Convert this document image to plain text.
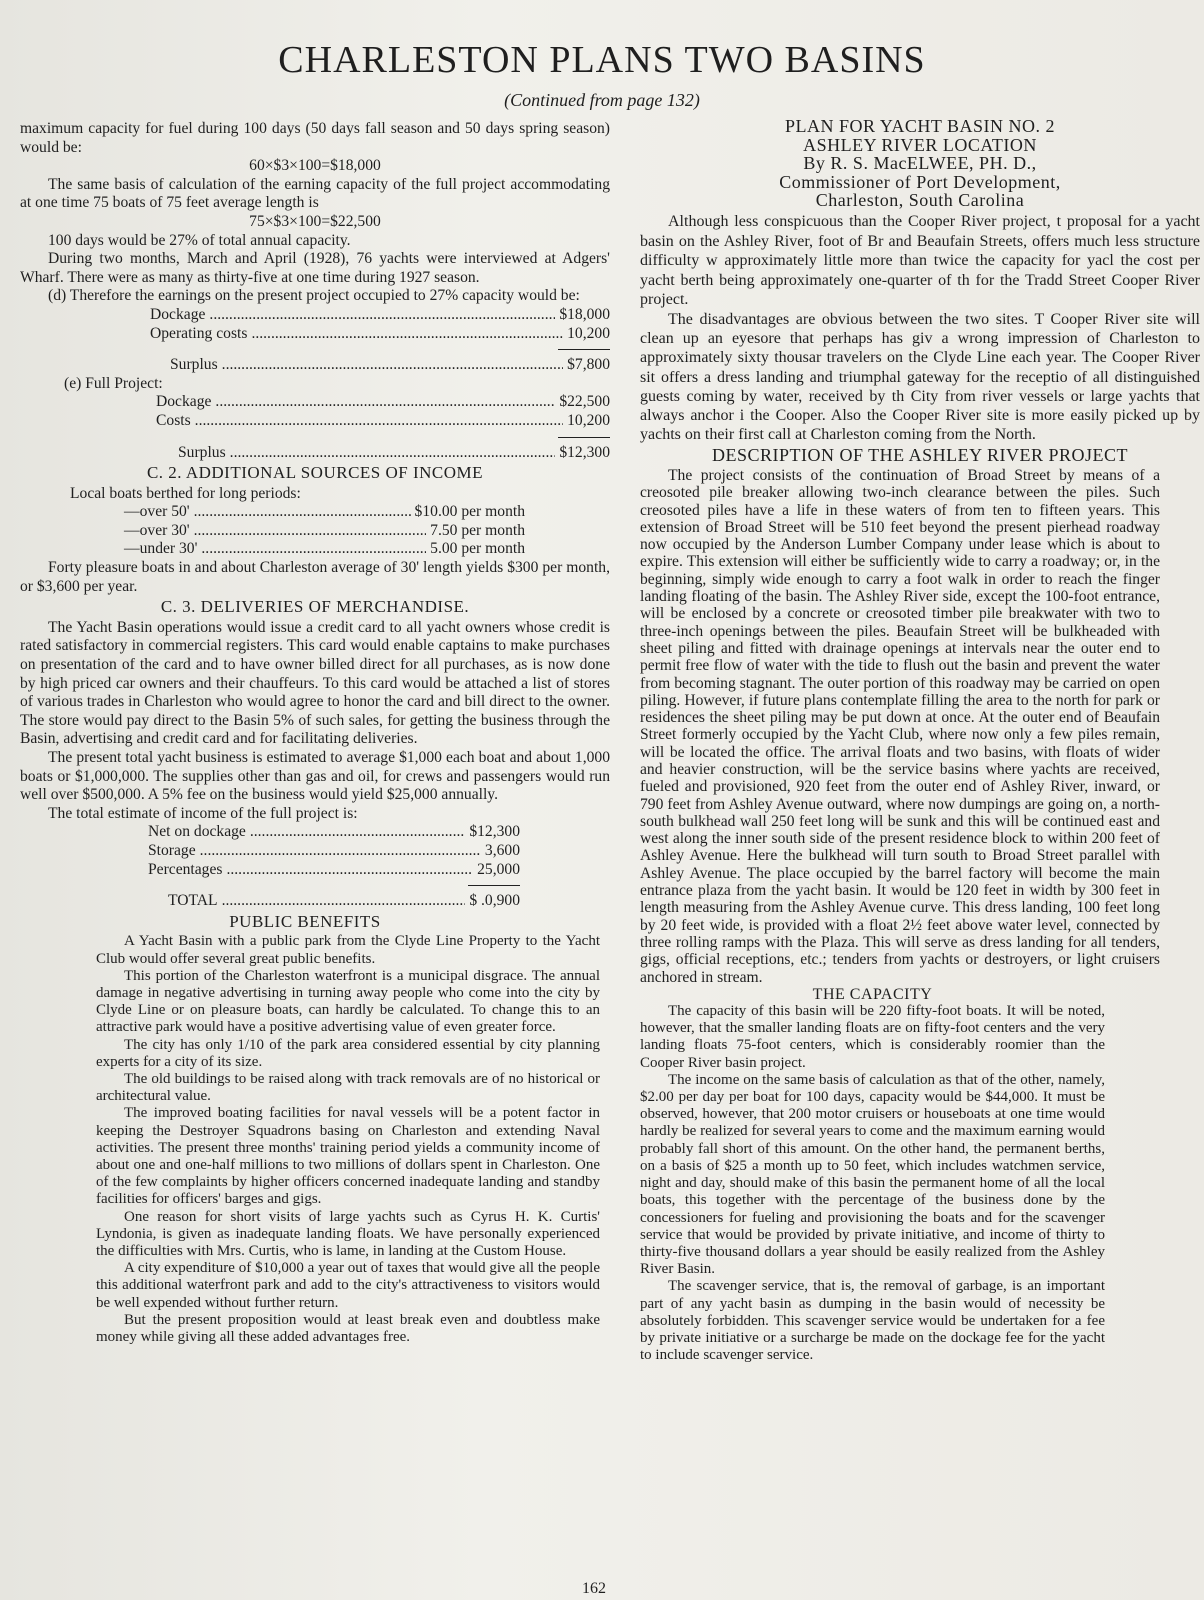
CHARLESTON PLANS TWO BASINS
(Continued from page 132)

maximum capacity for fuel during 100 days (50 days fall season and 50 days spring season) would be:

60×$3×100=$18,000

The same basis of calculation of the earning capacity of the full project accommodating at one time 75 boats of 75 feet average length is

75×$3×100=$22,500

100 days would be 27% of total annual capacity.

During two months, March and April (1928), 76 yachts were interviewed at Adgers' Wharf. There were as many as thirty-five at one time during 1927 season.

(d) Therefore the earnings on the present project occupied to 27% capacity would be:

Dockage .....	$18,000
Operating costs .....	10,200
Surplus .....	$7,800

(e) Full Project:

Dockage .....	$22,500
Costs .....	10,200
Surplus .....	$12,300

C. 2. ADDITIONAL SOURCES OF INCOME

Local boats berthed for long periods:

—over 50' .....	$10.00 per month
—over 30' .....	7.50 per month
—under 30' .....	5.00 per month

Forty pleasure boats in and about Charleston average of 30' length yields $300 per month, or $3,600 per year.

C. 3. DELIVERIES OF MERCHANDISE.

The Yacht Basin operations would issue a credit card to all yacht owners whose credit is rated satisfactory in commercial registers. This card would enable captains to make purchases on presentation of the card and to have owner billed direct for all purchases, as is now done by high priced car owners and their chauffeurs. To this card would be attached a list of stores of various trades in Charleston who would agree to honor the card and bill direct to the owner. The store would pay direct to the Basin 5% of such sales, for getting the business through the Basin, advertising and credit card and for facilitating deliveries.

The present total yacht business is estimated to average $1,000 each boat and about 1,000 boats or $1,000,000. The supplies other than gas and oil, for crews and passengers would run well over $500,000. A 5% fee on the business would yield $25,000 annually.

The total estimate of income of the full project is:

Net on dockage .....	$12,300
Storage .....	3,600
Percentages .....	25,000
TOTAL .....	$ .0,900

PUBLIC BENEFITS

A Yacht Basin with a public park from the Clyde Line Property to the Yacht Club would offer several great public benefits.

This portion of the Charleston waterfront is a municipal disgrace. The annual damage in negative advertising in turning away people who come into the city by Clyde Line or on pleasure boats, can hardly be calculated. To change this to an attractive park would have a positive advertising value of even greater force.

The city has only 1/10 of the park area considered essential by city planning experts for a city of its size.

The old buildings to be raised along with track removals are of no historical or architectural value.

The improved boating facilities for naval vessels will be a potent factor in keeping the Destroyer Squadrons basing on Charleston and extending Naval activities. The present three months' training period yields a community income of about one and one-half millions to two millions of dollars spent in Charleston. One of the few complaints by higher officers concerned inadequate landing and standby facilities for officers' barges and gigs.

One reason for short visits of large yachts such as Cyrus H. K. Curtis' Lyndonia, is given as inadequate landing floats. We have personally experienced the difficulties with Mrs. Curtis, who is lame, in landing at the Custom House.

A city expenditure of $10,000 a year out of taxes that would give all the people this additional waterfront park and add to the city's attractiveness to visitors would be well expended without further return.

But the present proposition would at least break even and doubtless make money while giving all these added advantages free.

PLAN FOR YACHT BASIN NO. 2

ASHLEY RIVER LOCATION

By R. S. MacELWEE, PH. D.,

Commissioner of Port Development,

Charleston, South Carolina

Although less conspicuous than the Cooper River project, t proposal for a yacht basin on the Ashley River, foot of Br and Beaufain Streets, offers much less structure difficulty w approximately little more than twice the capacity for yacl the cost per yacht berth being approximately one-quarter of th for the Tradd Street Cooper River project.

The disadvantages are obvious between the two sites. T Cooper River site will clean up an eyesore that perhaps has giv a wrong impression of Charleston to approximately sixty thousar travelers on the Clyde Line each year. The Cooper River sit offers a dress landing and triumphal gateway for the receptio of all distinguished guests coming by water, received by th City from river vessels or large yachts that always anchor i the Cooper. Also the Cooper River site is more easily picked up by yachts on their first call at Charleston coming from the North.

DESCRIPTION OF THE ASHLEY RIVER PROJECT

The project consists of the continuation of Broad Street by means of a creosoted pile breaker allowing two-inch clearance between the piles. Such creosoted piles have a life in these waters of from ten to fifteen years. This extension of Broad Street will be 510 feet beyond the present pierhead roadway now occupied by the Anderson Lumber Company under lease which is about to expire. This extension will either be sufficiently wide to carry a roadway; or, in the beginning, simply wide enough to carry a foot walk in order to reach the finger landing floating of the basin. The Ashley River side, except the 100-foot entrance, will be enclosed by a concrete or creosoted timber pile breakwater with two to three-inch openings between the piles. Beaufain Street will be bulkheaded with sheet piling and fitted with drainage openings at intervals near the outer end to permit free flow of water with the tide to flush out the basin and prevent the water from becoming stagnant. The outer portion of this roadway may be carried on open piling. However, if future plans contemplate filling the area to the north for park or residences the sheet piling may be put down at once. At the outer end of Beaufain Street formerly occupied by the Yacht Club, where now only a few piles remain, will be located the office. The arrival floats and two basins, with floats of wider and heavier construction, will be the service basins where yachts are received, fueled and provisioned, 920 feet from the outer end of Ashley River, inward, or 790 feet from Ashley Avenue outward, where now dumpings are going on, a north-south bulkhead wall 250 feet long will be sunk and this will be continued east and west along the inner south side of the present residence block to within 200 feet of Ashley Avenue. Here the bulkhead will turn south to Broad Street parallel with Ashley Avenue. The place occupied by the barrel factory will become the main entrance plaza from the yacht basin. It would be 120 feet in width by 300 feet in length measuring from the Ashley Avenue curve. This dress landing, 100 feet long by 20 feet wide, is provided with a float 2½ feet above water level, connected by three rolling ramps with the Plaza. This will serve as dress landing for all tenders, gigs, official receptions, etc.; tenders from yachts or destroyers, or light cruisers anchored in stream.

THE CAPACITY

The capacity of this basin will be 220 fifty-foot boats. It will be noted, however, that the smaller landing floats are on fifty-foot centers and the very landing floats 75-foot centers, which is considerably roomier than the Cooper River basin project.

The income on the same basis of calculation as that of the other, namely, $2.00 per day per boat for 100 days, capacity would be $44,000. It must be observed, however, that 200 motor cruisers or houseboats at one time would hardly be realized for several years to come and the maximum earning would probably fall short of this amount. On the other hand, the permanent berths, on a basis of $25 a month up to 50 feet, which includes watchmen service, night and day, should make of this basin the permanent home of all the local boats, this together with the percentage of the business done by the concessioners for fueling and provisioning the boats and for the scavenger service that would be provided by private initiative, and income of thirty to thirty-five thousand dollars a year should be easily realized from the Ashley River Basin.

The scavenger service, that is, the removal of garbage, is an important part of any yacht basin as dumping in the basin would of necessity be absolutely forbidden. This scavenger service would be undertaken for a fee by private initiative or a surcharge be made on the dockage fee for the yacht to include scavenger service.

162
